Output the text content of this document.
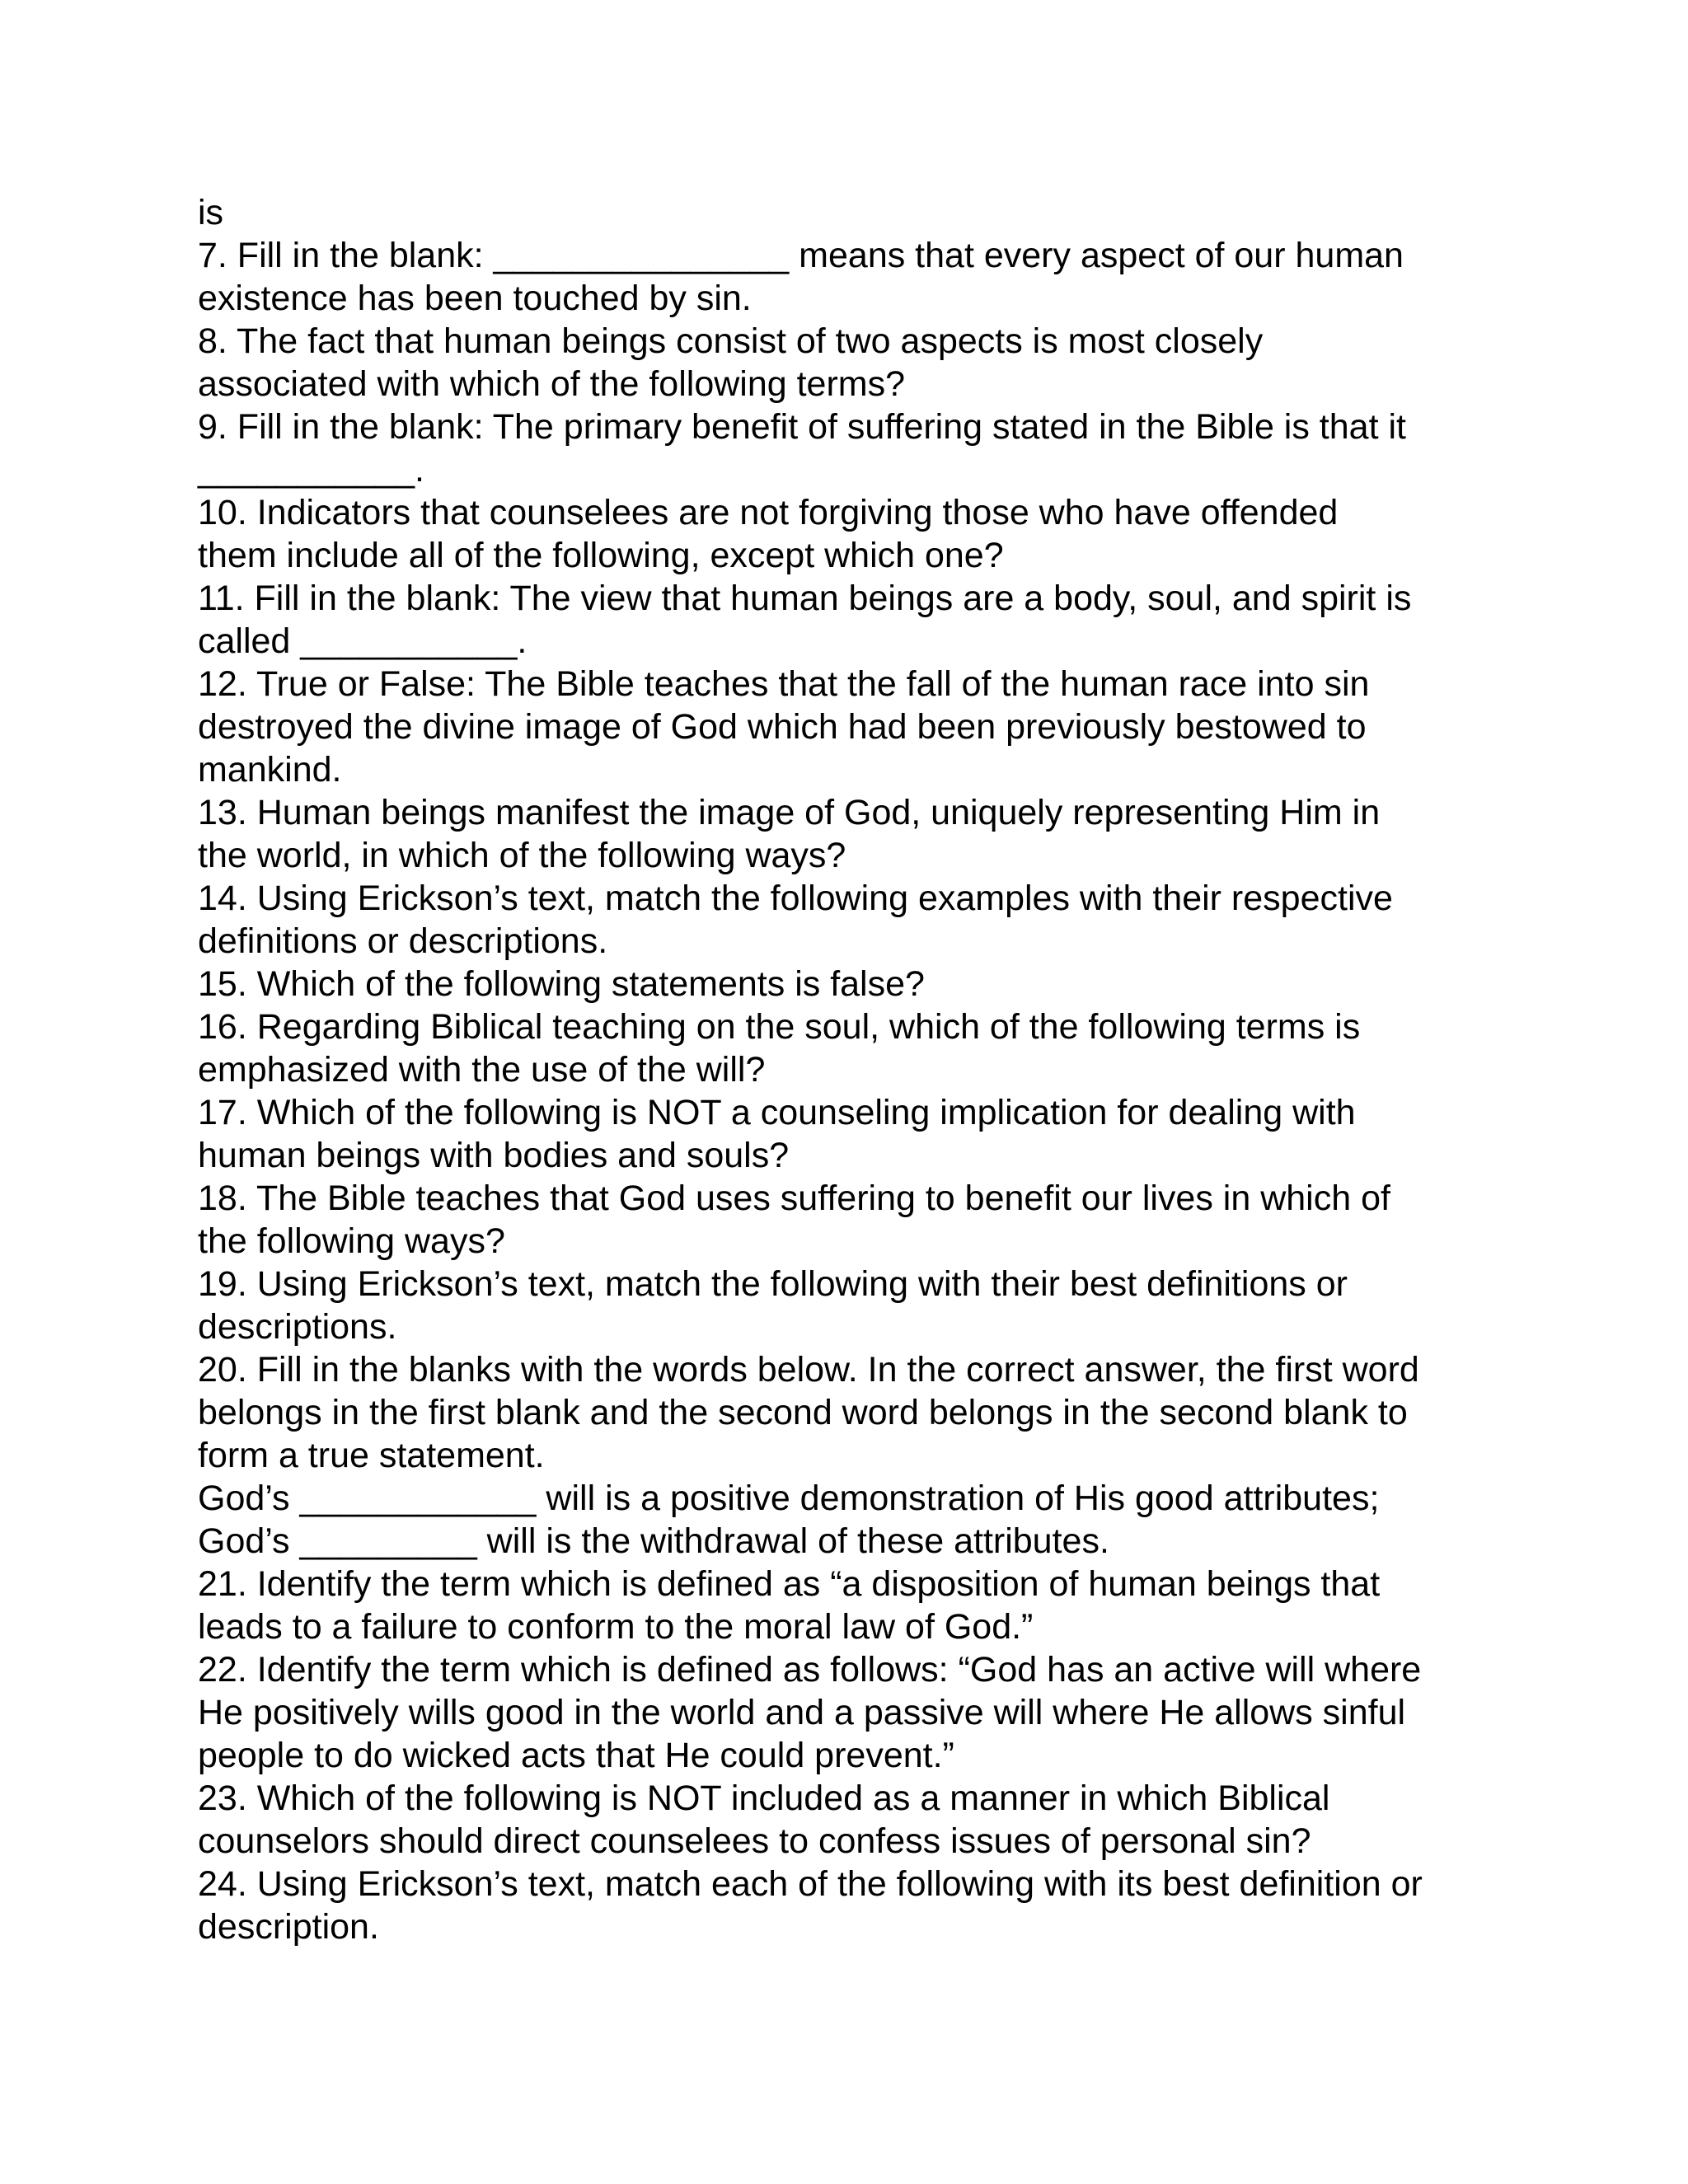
is
7. Fill in the blank: _______________ means that every aspect of our human
existence has been touched by sin.
8. The fact that human beings consist of two aspects is most closely
associated with which of the following terms?
9. Fill in the blank: The primary benefit of suffering stated in the Bible is that it
___________.
10. Indicators that counselees are not forgiving those who have offended
them include all of the following, except which one?
11. Fill in the blank: The view that human beings are a body, soul, and spirit is
called ___________.
12. True or False: The Bible teaches that the fall of the human race into sin
destroyed the divine image of God which had been previously bestowed to
mankind.
13. Human beings manifest the image of God, uniquely representing Him in
the world, in which of the following ways?
14. Using Erickson’s text, match the following examples with their respective
definitions or descriptions.
15. Which of the following statements is false?
16. Regarding Biblical teaching on the soul, which of the following terms is
emphasized with the use of the will?
17. Which of the following is NOT a counseling implication for dealing with
human beings with bodies and souls?
18. The Bible teaches that God uses suffering to benefit our lives in which of
the following ways?
19. Using Erickson’s text, match the following with their best definitions or
descriptions.
20. Fill in the blanks with the words below. In the correct answer, the first word
belongs in the first blank and the second word belongs in the second blank to
form a true statement.
God’s ____________ will is a positive demonstration of His good attributes;
God’s _________ will is the withdrawal of these attributes.
21. Identify the term which is defined as “a disposition of human beings that
leads to a failure to conform to the moral law of God.”
22. Identify the term which is defined as follows: “God has an active will where
He positively wills good in the world and a passive will where He allows sinful
people to do wicked acts that He could prevent.”
23. Which of the following is NOT included as a manner in which Biblical
counselors should direct counselees to confess issues of personal sin?
24. Using Erickson’s text, match each of the following with its best definition or
description.
